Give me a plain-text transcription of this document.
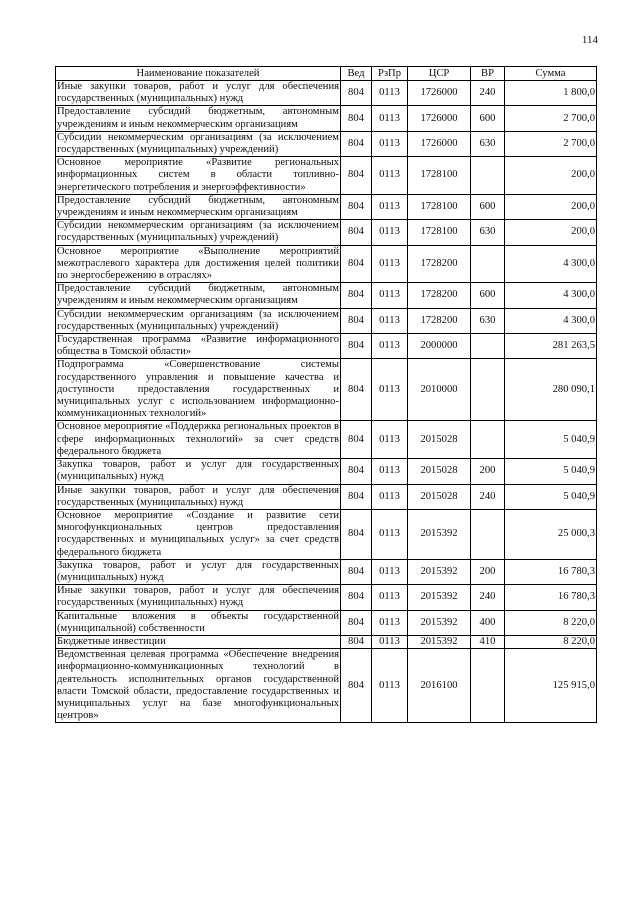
114
Наименование показателей	Вед	РзПр	ЦСР	ВР	Сумма
Иные закупки товаров, работ и услуг для обеспечения государственных (муниципальных) нужд	804	0113	1726000	240	1 800,0
Предоставление субсидий бюджетным, автономным учреждениям и иным некоммерческим организациям	804	0113	1726000	600	2 700,0
Субсидии некоммерческим организациям (за исключением государственных (муниципальных) учреждений)	804	0113	1726000	630	2 700,0
Основное мероприятие «Развитие региональных информационных систем в области топливно-энергетического потребления и энергоэффективности»	804	0113	1728100		200,0
Предоставление субсидий бюджетным, автономным учреждениям и иным некоммерческим организациям	804	0113	1728100	600	200,0
Субсидии некоммерческим организациям (за исключением государственных (муниципальных) учреждений)	804	0113	1728100	630	200,0
Основное мероприятие «Выполнение мероприятий межотраслевого характера для достижения целей политики по энергосбережению в отраслях»	804	0113	1728200		4 300,0
Предоставление субсидий бюджетным, автономным учреждениям и иным некоммерческим организациям	804	0113	1728200	600	4 300,0
Субсидии некоммерческим организациям (за исключением государственных (муниципальных) учреждений)	804	0113	1728200	630	4 300,0
Государственная программа «Развитие информационного общества в Томской области»	804	0113	2000000		281 263,5
Подпрограмма «Совершенствование системы государственного управления и повышение качества и доступности предоставления государственных и муниципальных услуг с использованием информационно-коммуникационных технологий»	804	0113	2010000		280 090,1
Основное мероприятие «Поддержка региональных проектов в сфере информационных технологий» за счет средств федерального бюджета	804	0113	2015028		5 040,9
Закупка товаров, работ и услуг для государственных (муниципальных) нужд	804	0113	2015028	200	5 040,9
Иные закупки товаров, работ и услуг для обеспечения государственных (муниципальных) нужд	804	0113	2015028	240	5 040,9
Основное мероприятие «Создание и развитие сети многофункциональных центров предоставления государственных и муниципальных услуг» за счет средств федерального бюджета	804	0113	2015392		25 000,3
Закупка товаров, работ и услуг для государственных (муниципальных) нужд	804	0113	2015392	200	16 780,3
Иные закупки товаров, работ и услуг для обеспечения государственных (муниципальных) нужд	804	0113	2015392	240	16 780,3
Капитальные вложения в объекты государственной (муниципальной) собственности	804	0113	2015392	400	8 220,0
Бюджетные инвестиции	804	0113	2015392	410	8 220,0
Ведомственная целевая программа «Обеспечение внедрения информационно-коммуникационных технологий в деятельность исполнительных органов государственной власти Томской области, предоставление государственных и муниципальных услуг на базе многофункциональных центров»	804	0113	2016100		125 915,0
